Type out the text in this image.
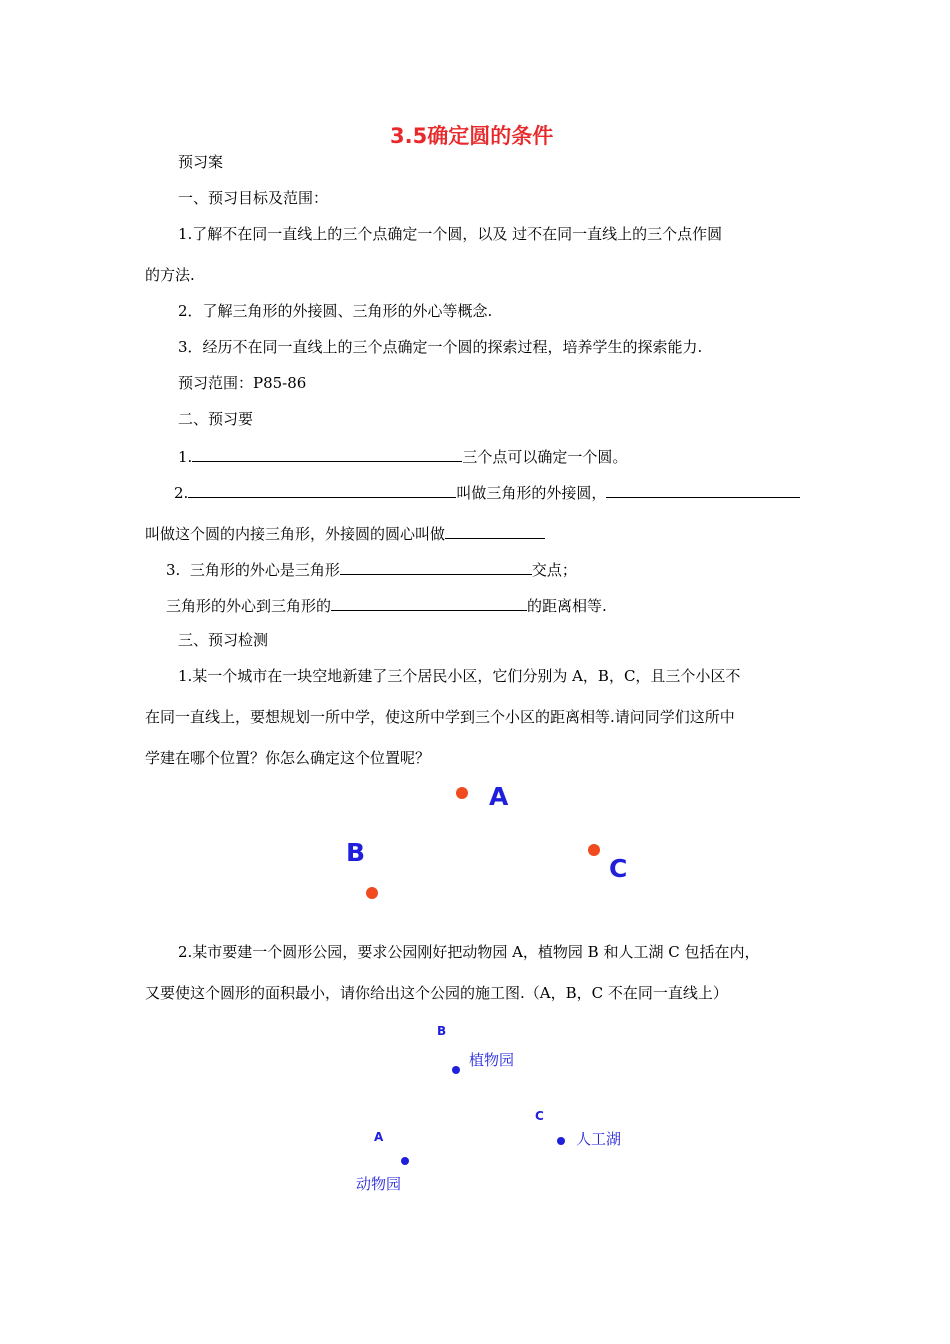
3.5确定圆的条件
预习案
一、预习目标及范围：
1.了解不在同一直线上的三个点确定一个圆，以及 过不在同一直线上的三个点作圆
的方法.
2．了解三角形的外接圆、三角形的外心等概念.
3．经历不在同一直线上的三个点确定一个圆的探索过程，培养学生的探索能力.
预习范围：P85-86
二、预习要
1.	三个点可以确定一个圆。
2.	叫做三角形的外接圆，
叫做这个圆的内接三角形，外接圆的圆心叫做
3. 三角形的外心是三角形	交点；
三角形的外心到三角形的	的距离相等.
三、预习检测
1.某一个城市在一块空地新建了三个居民小区，它们分别为 A，B，C，且三个小区不
在同一直线上，要想规划一所中学，使这所中学到三个小区的距离相等.请问同学们这所中
学建在哪个位置？你怎么确定这个位置呢？
A
B
C
2.某市要建一个圆形公园，要求公园刚好把动物园 A，植物园 B 和人工湖 C 包括在内，
又要使这个圆形的面积最小，请你给出这个公园的施工图.（A，B，C 不在同一直线上）
B
植物园
C
人工湖
A
动物园
